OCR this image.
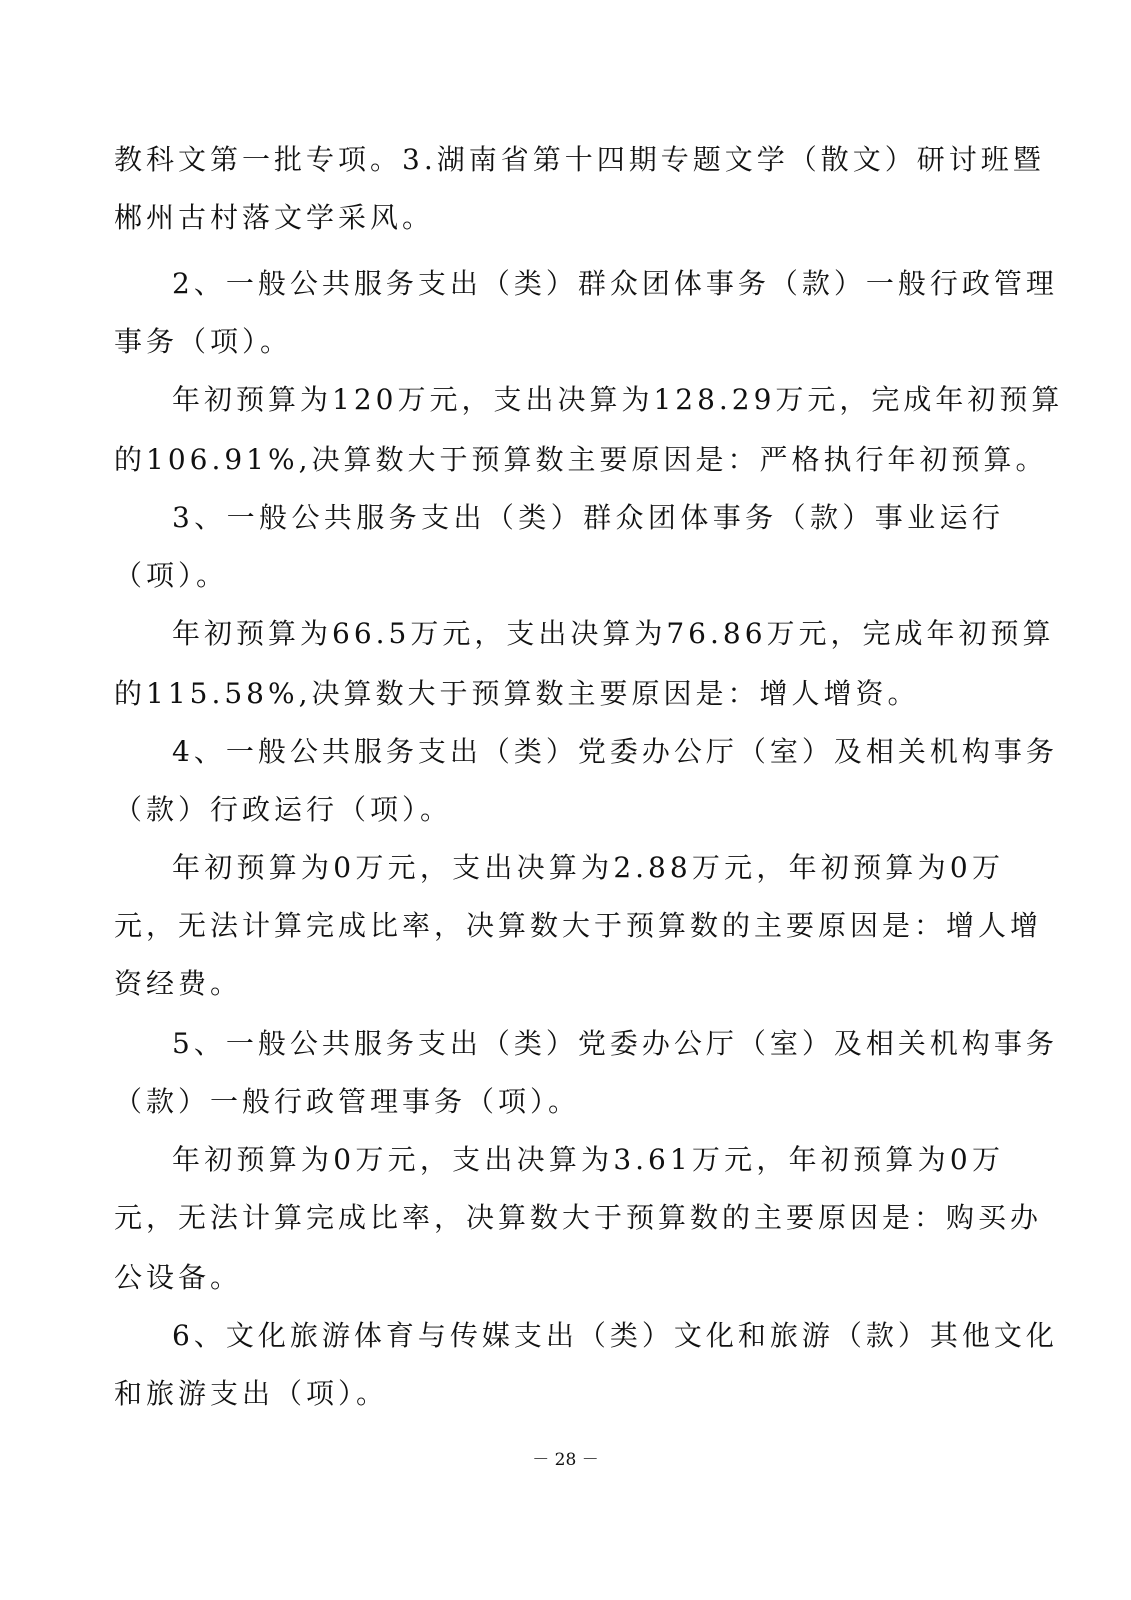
教科文第一批专项。3.湖南省第十四期专题文学（散文）研讨班暨
郴州古村落文学采风。
2、一般公共服务支出（类）群众团体事务（款）一般行政管理
事务（项）。
年初预算为120万元，支出决算为128.29万元，完成年初预算
的106.91%,决算数大于预算数主要原因是：严格执行年初预算。
3、一般公共服务支出（类）群众团体事务（款）事业运行
（项）。
年初预算为66.5万元，支出决算为76.86万元，完成年初预算
的115.58%,决算数大于预算数主要原因是：增人增资。
4、一般公共服务支出（类）党委办公厅（室）及相关机构事务
（款）行政运行（项）。
年初预算为0万元，支出决算为2.88万元，年初预算为0万
元，无法计算完成比率，决算数大于预算数的主要原因是：增人增
资经费。
5、一般公共服务支出（类）党委办公厅（室）及相关机构事务
（款）一般行政管理事务（项）。
年初预算为0万元，支出决算为3.61万元，年初预算为0万
元，无法计算完成比率，决算数大于预算数的主要原因是：购买办
公设备。
6、文化旅游体育与传媒支出（类）文化和旅游（款）其他文化
和旅游支出（项）。
－ 28 －
